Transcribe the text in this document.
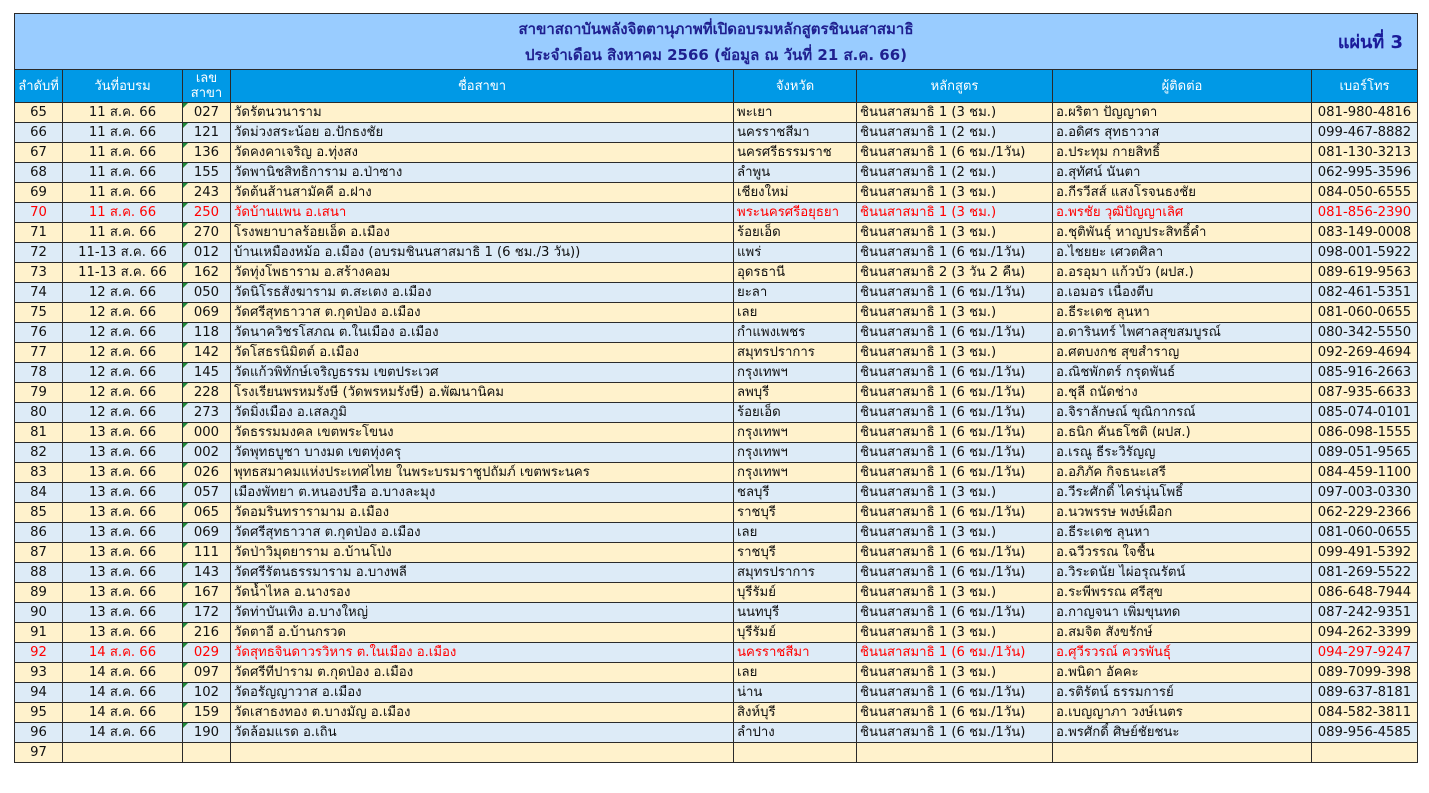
สาขาสถาบันพลังจิตตานุภาพที่เปิดอบรมหลักสูตรชินนสาสมาธิ
ประจำเดือน สิงหาคม 2566 (ข้อมูล ณ วันที่ 21 ส.ค. 66)
แผ่นที่ 3							

ลำดับที่	วันที่อบรม	เลขสาขา	ชื่อสาขา	จังหวัด	หลักสูตร	ผู้ติดต่อ	เบอร์โทร
65	11 ส.ค. 66	027	วัดรัตนวนาราม	พะเยา	ชินนสาสมาธิ 1 (3 ชม.)	อ.ผริตา ปัญญาดา	081-980-4816
66	11 ส.ค. 66	121	วัดม่วงสระน้อย อ.ปักธงชัย	นครราชสีมา	ชินนสาสมาธิ 1 (2 ชม.)	อ.อดิศร สุทธาวาส	099-467-8882
67	11 ส.ค. 66	136	วัดคงคาเจริญ อ.ทุ่งสง	นครศรีธรรมราช	ชินนสาสมาธิ 1 (6 ชม./1วัน)	อ.ประทุม กายสิทธิ์	081-130-3213
68	11 ส.ค. 66	155	วัดพานิชสิทธิการาม อ.ป่าซาง	ลำพูน	ชินนสาสมาธิ 1 (2 ชม.)	อ.สุทัศน์ นันตา	062-995-3596
69	11 ส.ค. 66	243	วัดต้นส้านสามัคคี อ.ฝาง	เชียงใหม่	ชินนสาสมาธิ 1 (3 ชม.)	อ.กีรวีสส์ แสงโรจนธงชัย	084-050-6555
70	11 ส.ค. 66	250	วัดบ้านแพน อ.เสนา	พระนครศรีอยุธยา	ชินนสาสมาธิ 1 (3 ชม.)	อ.พรชัย วุฒิปัญญาเลิศ	081-856-2390
71	11 ส.ค. 66	270	โรงพยาบาลร้อยเอ็ด อ.เมือง	ร้อยเอ็ด	ชินนสาสมาธิ 1 (3 ชม.)	อ.ชุติพันธุ์ หาญประสิทธิ์คำ	083-149-0008
72	11-13 ส.ค. 66	012	บ้านเหมืองหม้อ อ.เมือง (อบรมชินนสาสมาธิ 1 (6 ชม./3 วัน))	แพร่	ชินนสาสมาธิ 1 (6 ชม./1วัน)	อ.ไชยยะ เศวตศิลา	098-001-5922
73	11-13 ส.ค. 66	162	วัดทุ่งโพธาราม อ.สร้างคอม	อุดรธานี	ชินนสาสมาธิ 2 (3 วัน 2 คืน)	อ.อรอุมา แก้วบัว (ผปส.)	089-619-9563
74	12 ส.ค. 66	050	วัดนิโรธสังฆาราม ต.สะเตง อ.เมือง	ยะลา	ชินนสาสมาธิ 1 (6 ชม./1วัน)	อ.เอมอร เนื่องตีบ	082-461-5351
75	12 ส.ค. 66	069	วัดศรีสุทธาวาส ต.กุดป่อง อ.เมือง	เลย	ชินนสาสมาธิ 1 (3 ชม.)	อ.ธีระเดช ลุนหา	081-060-0655
76	12 ส.ค. 66	118	วัดนาควิชรโสภณ ต.ในเมือง อ.เมือง	กำแพงเพชร	ชินนสาสมาธิ 1 (6 ชม./1วัน)	อ.ดารินทร์ ไพศาลสุขสมบูรณ์	080-342-5550
77	12 ส.ค. 66	142	วัดโสธรนิมิตต์ อ.เมือง	สมุทรปราการ	ชินนสาสมาธิ 1 (3 ชม.)	อ.ศตบงกช สุขสำราญ	092-269-4694
78	12 ส.ค. 66	145	วัดแก้วพิทักษ์เจริญธรรม เขตประเวศ	กรุงเทพฯ	ชินนสาสมาธิ 1 (6 ชม./1วัน)	อ.ณิชพักตร์ กรุดพันธ์	085-916-2663
79	12 ส.ค. 66	228	โรงเรียนพรหมรังษี (วัดพรหมรังษี) อ.พัฒนานิคม	ลพบุรี	ชินนสาสมาธิ 1 (6 ชม./1วัน)	อ.ชุลี ถนัดช่าง	087-935-6633
80	12 ส.ค. 66	273	วัดมิ่งเมือง อ.เสลภูมิ	ร้อยเอ็ด	ชินนสาสมาธิ 1 (6 ชม./1วัน)	อ.จิราลักษณ์ ขุณิกากรณ์	085-074-0101
81	13 ส.ค. 66	000	วัดธรรมมงคล เขตพระโขนง	กรุงเทพฯ	ชินนสาสมาธิ 1 (6 ชม./1วัน)	อ.ธนิก คันธโชติ (ผปส.)	086-098-1555
82	13 ส.ค. 66	002	วัดพุทธบูชา บางมด เขตทุ่งครุ	กรุงเทพฯ	ชินนสาสมาธิ 1 (6 ชม./1วัน)	อ.เรณู ธีระวิรัญญ	089-051-9565
83	13 ส.ค. 66	026	พุทธสมาคมแห่งประเทศไทย ในพระบรมราชูปถัมภ์ เขตพระนคร	กรุงเทพฯ	ชินนสาสมาธิ 1 (6 ชม./1วัน)	อ.อภิภัค กิจธนะเสรี	084-459-1100
84	13 ส.ค. 66	057	เมืองพัทยา ต.หนองปรือ อ.บางละมุง	ชลบุรี	ชินนสาสมาธิ 1 (3 ชม.)	อ.วีระศักดิ์ ไคร่นุ่นโพธิ์	097-003-0330
85	13 ส.ค. 66	065	วัดอมรินทรารามาม อ.เมือง	ราชบุรี	ชินนสาสมาธิ 1 (6 ชม./1วัน)	อ.นวพรรษ พงษ์เผือก	062-229-2366
86	13 ส.ค. 66	069	วัดศรีสุทธาวาส ต.กุดป่อง อ.เมือง	เลย	ชินนสาสมาธิ 1 (3 ชม.)	อ.ธีระเดช ลุนหา	081-060-0655
87	13 ส.ค. 66	111	วัดป่าวิมุตยาราม อ.บ้านโป่ง	ราชบุรี	ชินนสาสมาธิ 1 (6 ชม./1วัน)	อ.ฉวีวรรณ ใจชื้น	099-491-5392
88	13 ส.ค. 66	143	วัดศรีรัตนธรรมาราม อ.บางพลี	สมุทรปราการ	ชินนสาสมาธิ 1 (6 ชม./1วัน)	อ.วิระดนัย ไผ่อรุณรัตน์	081-269-5522
89	13 ส.ค. 66	167	วัดน้ำไหล อ.นางรอง	บุรีรัมย์	ชินนสาสมาธิ 1 (3 ชม.)	อ.ระพีพรรณ ศรีสุข	086-648-7944
90	13 ส.ค. 66	172	วัดท่าบันเทิง อ.บางใหญ่	นนทบุรี	ชินนสาสมาธิ 1 (6 ชม./1วัน)	อ.กาญจนา เพิ่มขุนทด	087-242-9351
91	13 ส.ค. 66	216	วัดตาอี อ.บ้านกรวด	บุรีรัมย์	ชินนสาสมาธิ 1 (3 ชม.)	อ.สมจิต สังขรักษ์	094-262-3399
92	14 ส.ค. 66	029	วัดสุทธจินดาวรวิหาร ต.ในเมือง อ.เมือง	นครราชสีมา	ชินนสาสมาธิ 1 (6 ชม./1วัน)	อ.ศุวีรวรณ์ ควรพันธุ์	094-297-9247
93	14 ส.ค. 66	097	วัดศรีทีปาราม ต.กุดป่อง อ.เมือง	เลย	ชินนสาสมาธิ 1 (3 ชม.)	อ.พนิดา อัคคะ	089-7099-398
94	14 ส.ค. 66	102	วัดอรัญญาวาส อ.เมือง	น่าน	ชินนสาสมาธิ 1 (6 ชม./1วัน)	อ.รติรัตน์ ธรรมการย์	089-637-8181
95	14 ส.ค. 66	159	วัดเสาธงทอง ต.บางมัญ อ.เมือง	สิงห์บุรี	ชินนสาสมาธิ 1 (6 ชม./1วัน)	อ.เบญญาภา วงษ์เนตร	084-582-3811
96	14 ส.ค. 66	190	วัดล้อมแรด อ.เถิน	ลำปาง	ชินนสาสมาธิ 1 (6 ชม./1วัน)	อ.พรศักดิ์ ศิษย์ชัยชนะ	089-956-4585
97							
